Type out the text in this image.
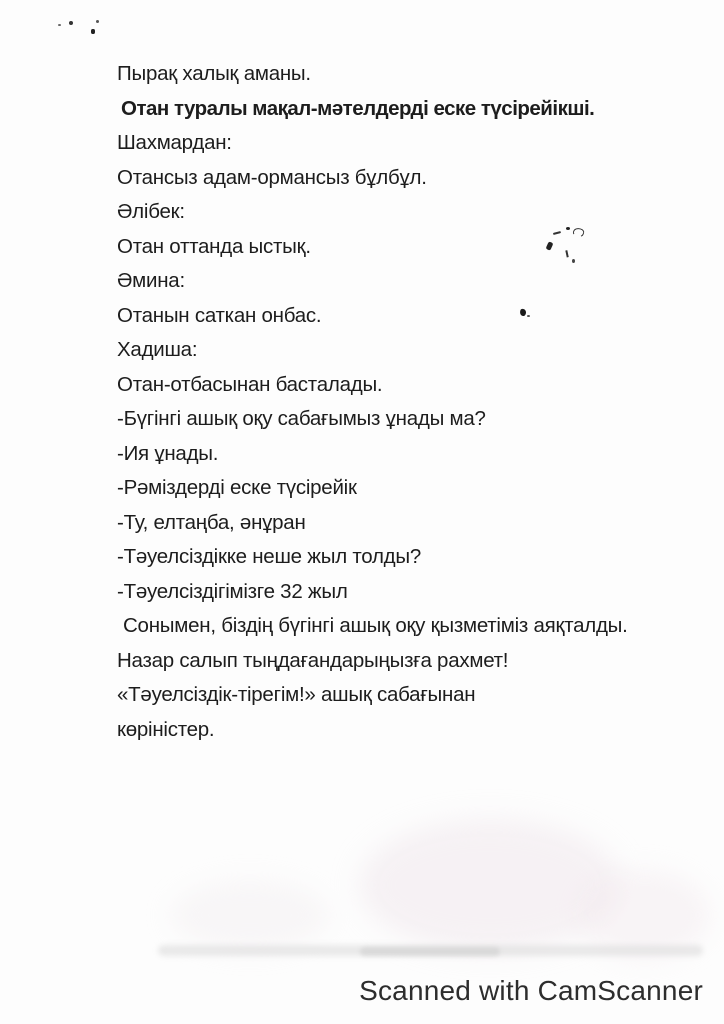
Пырақ халық аманы.
Отан туралы мақал-мәтелдерді еске түсірейікші.
Шахмардан:
Отансыз адам-ормансыз бұлбұл.
Әлібек:
Отан оттанда ыстық.
Әмина:
Отанын саткан онбас.
Хадиша:
Отан-отбасынан басталады.
-Бүгінгі ашық оқу сабағымыз ұнады ма?
-Ия ұнады.
-Рәміздерді еске түсірейік
-Ту, елтаңба, әнұран
-Тәуелсіздікке неше жыл толды?
-Тәуелсіздігімізге 32 жыл
Сонымен, біздің бүгінгі ашық оқу қызметіміз аяқталды.
Назар салып тыңдағандарыңызға рахмет!
«Тәуелсіздік-тірегім!» ашық сабағынан
көріністер.
Scanned with CamScanner
